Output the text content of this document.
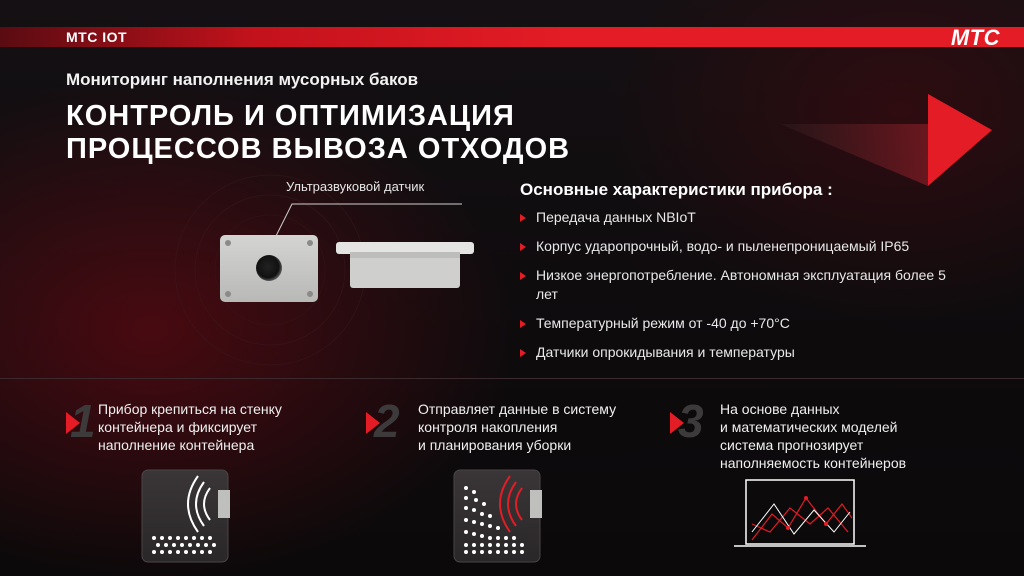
МТС IOT	МТС
Мониторинг наполнения мусорных баков
КОНТРОЛЬ И ОПТИМИЗАЦИЯ
ПРОЦЕССОВ ВЫВОЗА ОТХОДОВ
Ультразвуковой датчик	Основные характеристики прибора :
Передача данных NBIoT
Корпус ударопрочный, водо- и пыленепроницаемый IP65
Низкое энергопотребление. Автономная эксплуатация более 5 лет
Температурный режим от -40 до +70°C
Датчики опрокидывания и температуры
1 Прибор крепиться на стенку
контейнера и фиксирует
наполнение контейнера	2 Отправляет данные в систему
контроля накопления
и планирования уборки	3 На основе данных
и математических моделей
система прогнозирует
наполняемость контейнеров
